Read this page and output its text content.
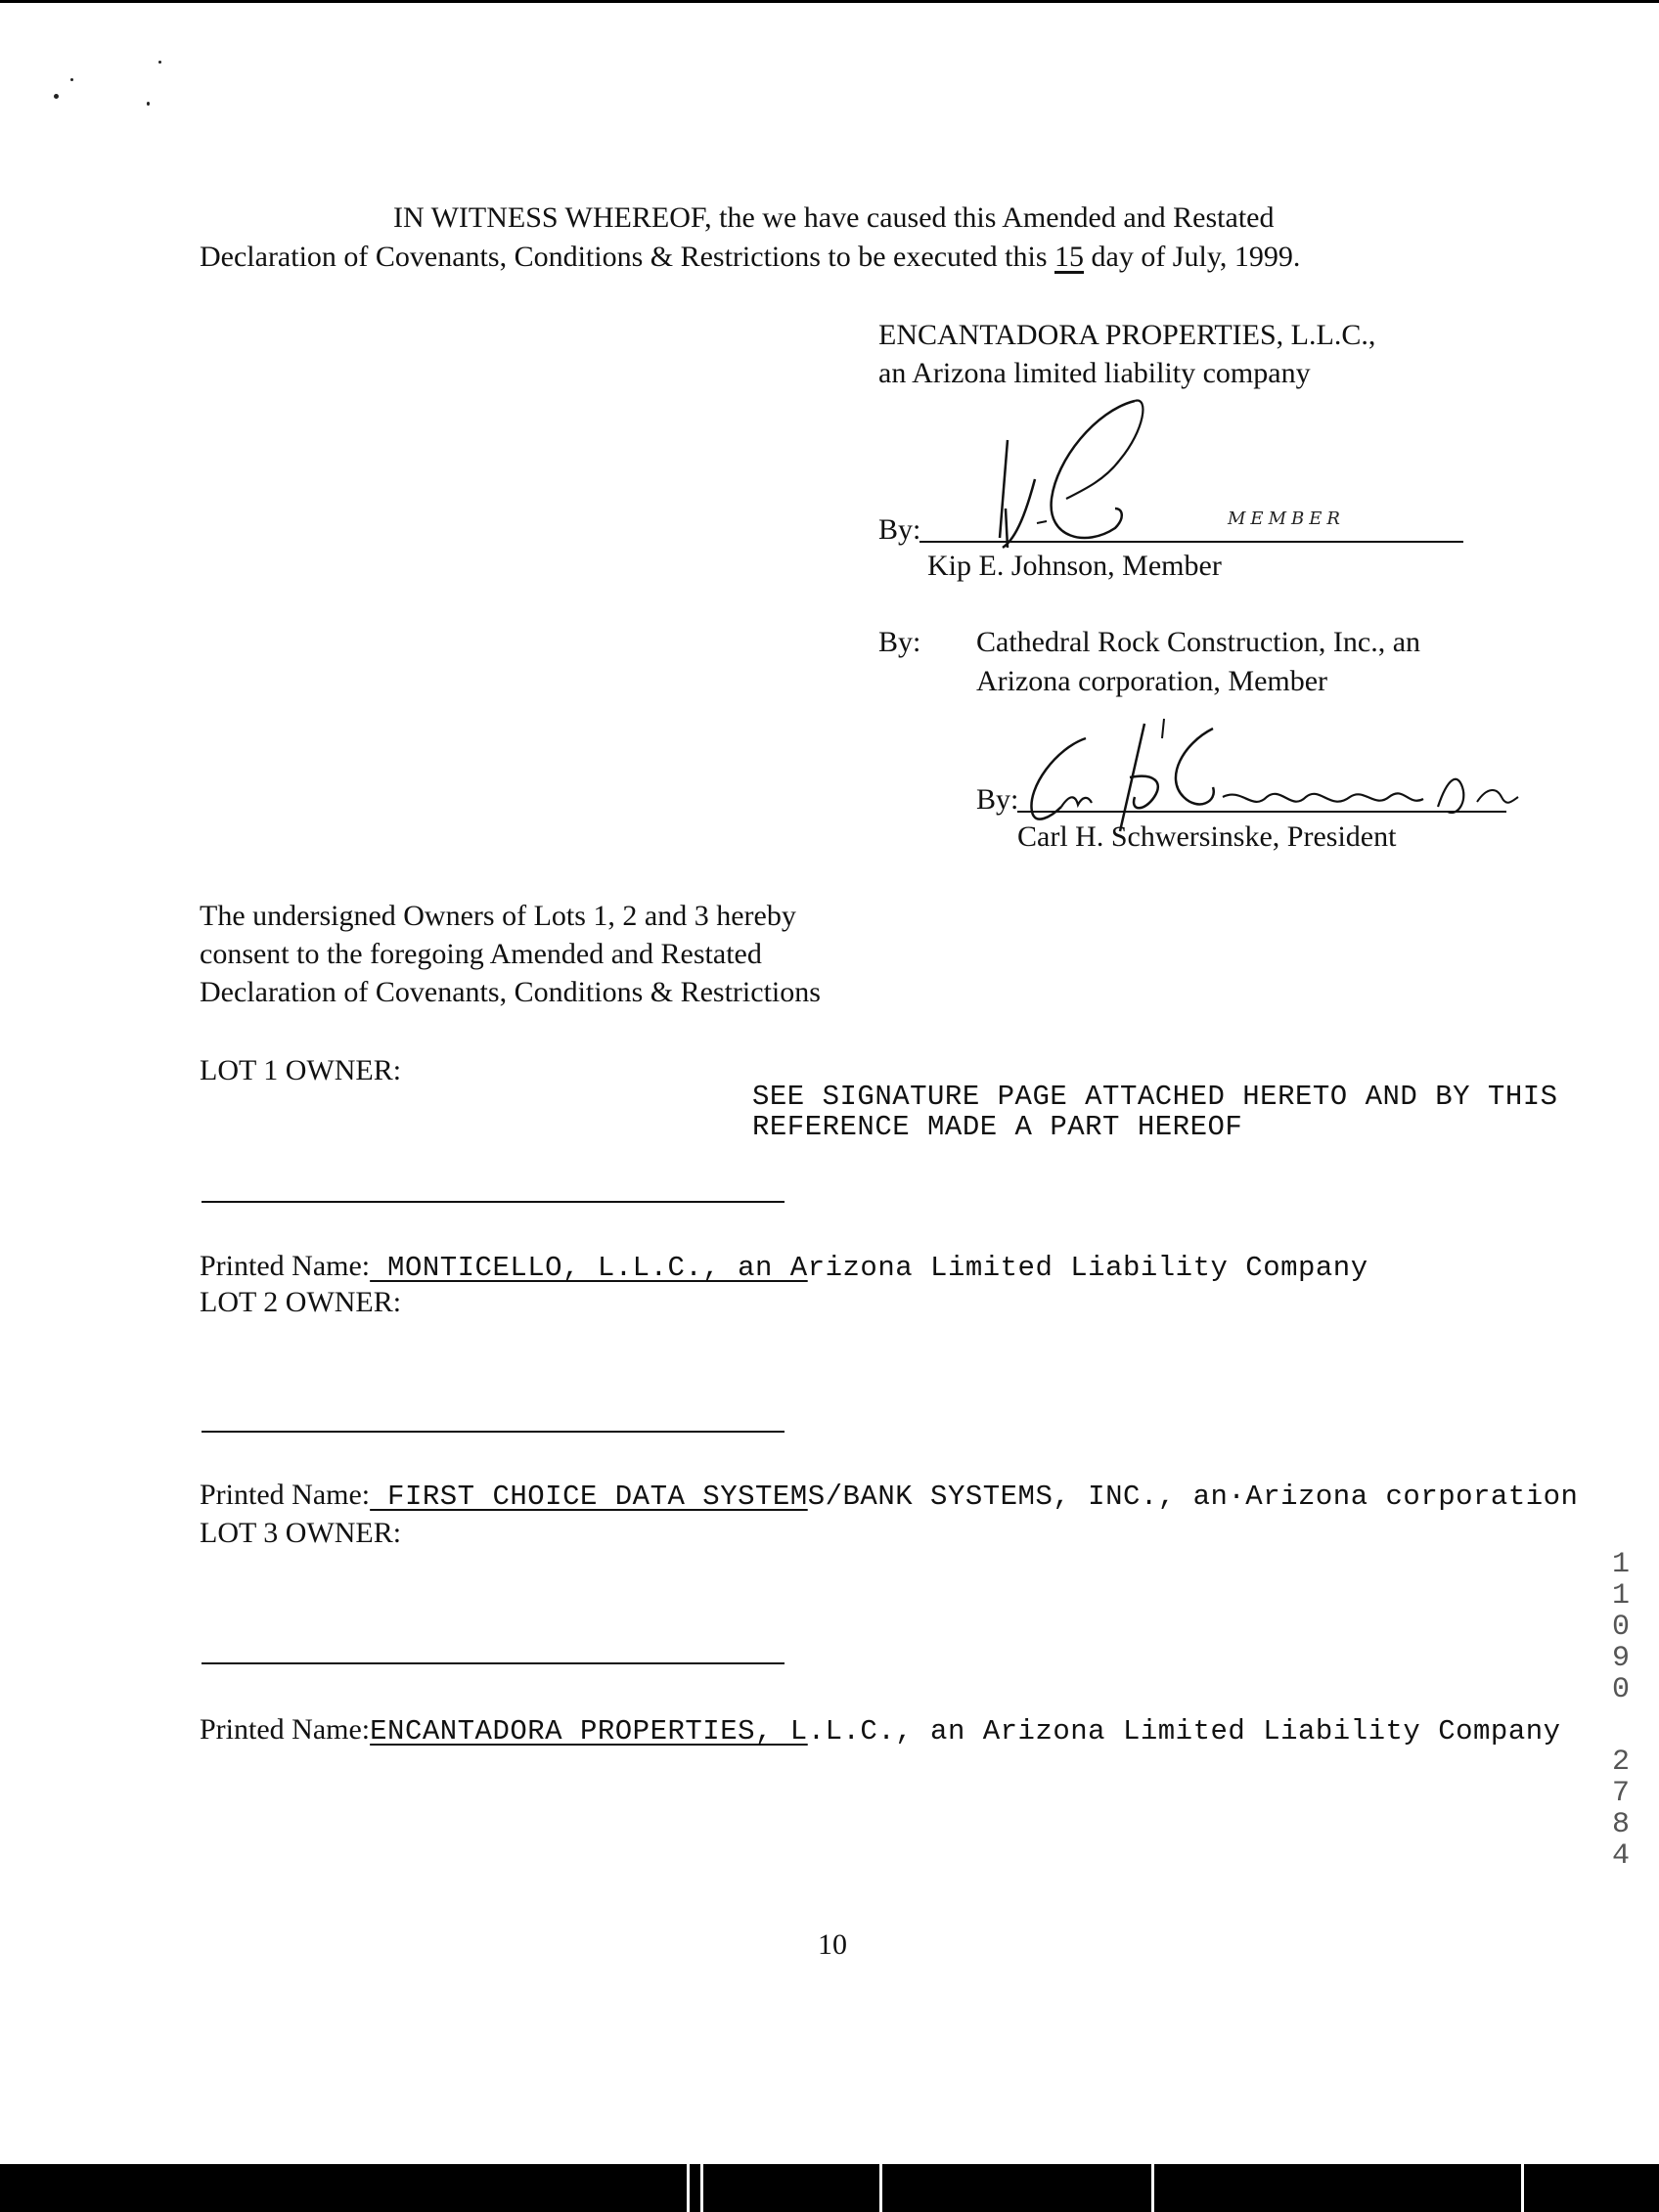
IN WITNESS WHEREOF, the we have caused this Amended and Restated
Declaration of Covenants, Conditions & Restrictions to be executed this 15 day of July, 1999.
ENCANTADORA PROPERTIES, L.L.C.,
an Arizona limited liability company
By:	MEMBER
Kip E. Johnson, Member
By: Cathedral Rock Construction, Inc., an
Arizona corporation, Member
By:
Carl H. Schwersinske, President
The undersigned Owners of Lots 1, 2 and 3 hereby
consent to the foregoing Amended and Restated
Declaration of Covenants, Conditions & Restrictions
LOT 1 OWNER:
SEE SIGNATURE PAGE ATTACHED HERETO AND BY THIS
REFERENCE MADE A PART HEREOF
Printed Name: MONTICELLO, L.L.C., an Arizona Limited Liability Company
LOT 2 OWNER:
Printed Name: FIRST CHOICE DATA SYSTEMS/BANK SYSTEMS, INC., an·Arizona corporation
LOT 3 OWNER:
Printed Name:ENCANTADORA PROPERTIES, L.L.C., an Arizona Limited Liability Company
10
1
1
0
9
0
2
7
8
4
